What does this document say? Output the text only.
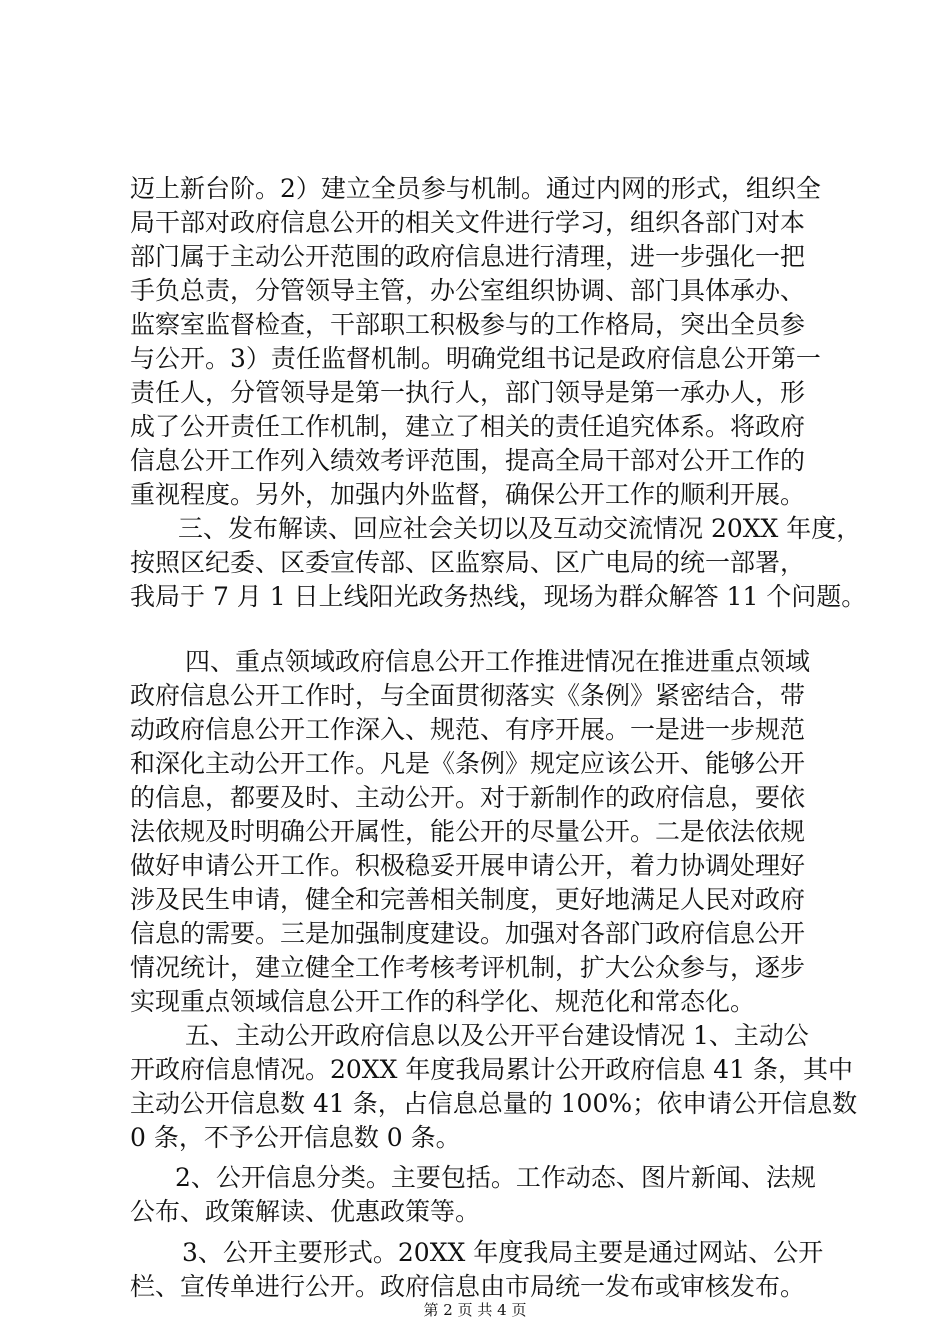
迈上新台阶。2）建立全员参与机制。通过内网的形式，组织全
局干部对政府信息公开的相关文件进行学习，组织各部门对本
部门属于主动公开范围的政府信息进行清理，进一步强化一把
手负总责，分管领导主管，办公室组织协调、部门具体承办、
监察室监督检查，干部职工积极参与的工作格局，突出全员参
与公开。3）责任监督机制。明确党组书记是政府信息公开第一
责任人，分管领导是第一执行人，部门领导是第一承办人，形
成了公开责任工作机制，建立了相关的责任追究体系。将政府
信息公开工作列入绩效考评范围，提高全局干部对公开工作的
重视程度。另外，加强内外监督，确保公开工作的顺利开展。
三、发布解读、回应社会关切以及互动交流情况 20XX 年度，
按照区纪委、区委宣传部、区监察局、区广电局的统一部署，
我局于 7 月 1 日上线阳光政务热线，现场为群众解答 11 个问题。
四、重点领域政府信息公开工作推进情况在推进重点领域
政府信息公开工作时，与全面贯彻落实《条例》紧密结合，带
动政府信息公开工作深入、规范、有序开展。一是进一步规范
和深化主动公开工作。凡是《条例》规定应该公开、能够公开
的信息，都要及时、主动公开。对于新制作的政府信息，要依
法依规及时明确公开属性，能公开的尽量公开。二是依法依规
做好申请公开工作。积极稳妥开展申请公开，着力协调处理好
涉及民生申请，健全和完善相关制度，更好地满足人民对政府
信息的需要。三是加强制度建设。加强对各部门政府信息公开
情况统计，建立健全工作考核考评机制，扩大公众参与，逐步
实现重点领域信息公开工作的科学化、规范化和常态化。
五、主动公开政府信息以及公开平台建设情况 1、主动公
开政府信息情况。20XX 年度我局累计公开政府信息 41 条，其中
主动公开信息数 41 条，占信息总量的 100%；依申请公开信息数
0 条，不予公开信息数 0 条。
2、公开信息分类。主要包括。工作动态、图片新闻、法规
公布、政策解读、优惠政策等。
3、公开主要形式。20XX 年度我局主要是通过网站、公开
栏、宣传单进行公开。政府信息由市局统一发布或审核发布。
第 2 页 共 4 页
